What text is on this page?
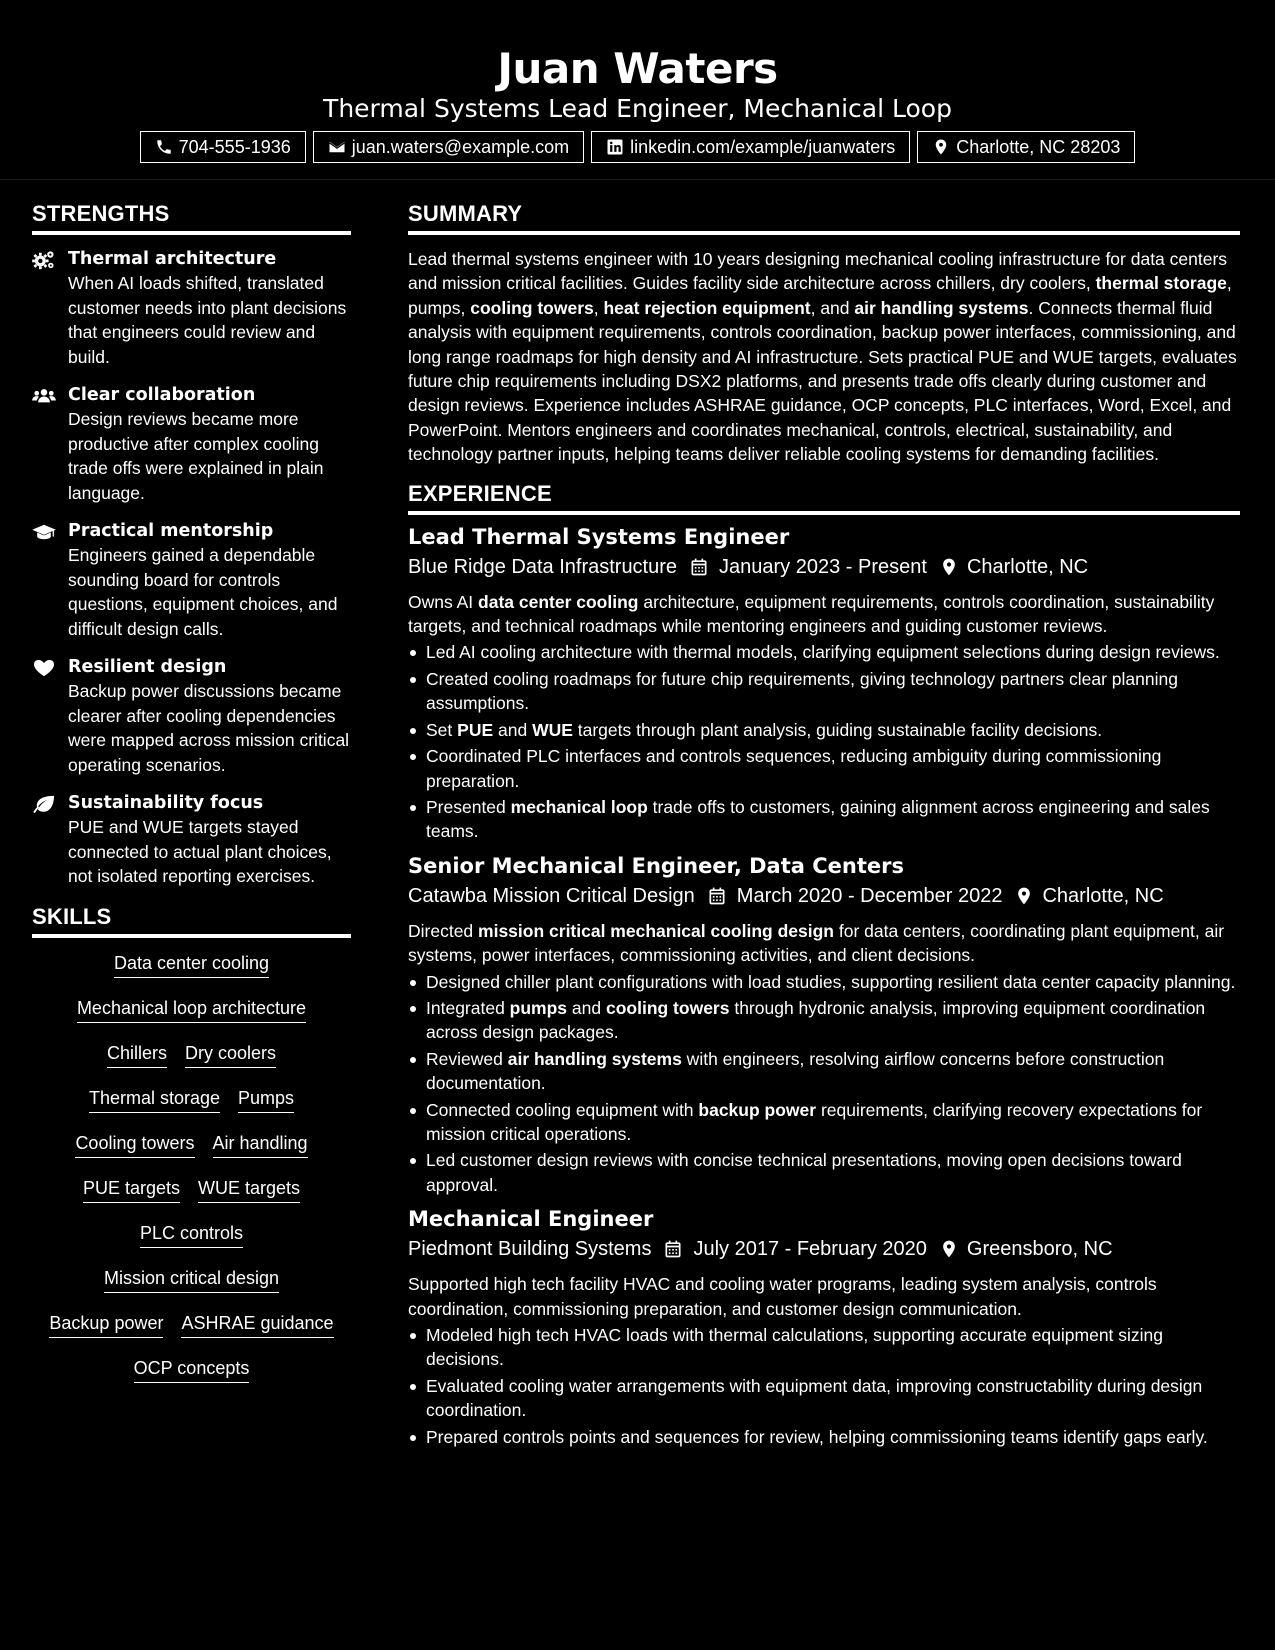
Juan Waters
Thermal Systems Lead Engineer, Mechanical Loop
704-555-1936	juan.waters@example.com	linkedin.com/example/juanwaters	Charlotte, NC 28203
STRENGTHS
Thermal architecture
When AI loads shifted, translated customer needs into plant decisions that engineers could review and build.
Clear collaboration
Design reviews became more productive after complex cooling trade offs were explained in plain language.
Practical mentorship
Engineers gained a dependable sounding board for controls questions, equipment choices, and difficult design calls.
Resilient design
Backup power discussions became clearer after cooling dependencies were mapped across mission critical operating scenarios.
Sustainability focus
PUE and WUE targets stayed connected to actual plant choices, not isolated reporting exercises.
SKILLS
Data center cooling
Mechanical loop architecture
Chillers Dry coolers
Thermal storage Pumps
Cooling towers Air handling
PUE targets WUE targets
PLC controls
Mission critical design
Backup power ASHRAE guidance
OCP concepts
SUMMARY

Lead thermal systems engineer with 10 years designing mechanical cooling infrastructure for data centers and mission critical facilities. Guides facility side architecture across chillers, dry coolers, thermal storage, pumps, cooling towers, heat rejection equipment, and air handling systems. Connects thermal fluid analysis with equipment requirements, controls coordination, backup power interfaces, commissioning, and long range roadmaps for high density and AI infrastructure. Sets practical PUE and WUE targets, evaluates future chip requirements including DSX2 platforms, and presents trade offs clearly during customer and design reviews. Experience includes ASHRAE guidance, OCP concepts, PLC interfaces, Word, Excel, and PowerPoint. Mentors engineers and coordinates mechanical, controls, electrical, sustainability, and technology partner inputs, helping teams deliver reliable cooling systems for demanding facilities.

EXPERIENCE
Lead Thermal Systems Engineer
Blue Ridge Data Infrastructure January 2023 - Present Charlotte, NC

Owns AI data center cooling architecture, equipment requirements, controls coordination, sustainability targets, and technical roadmaps while mentoring engineers and guiding customer reviews.

Led AI cooling architecture with thermal models, clarifying equipment selections during design reviews.
Created cooling roadmaps for future chip requirements, giving technology partners clear planning assumptions.
Set PUE and WUE targets through plant analysis, guiding sustainable facility decisions.
Coordinated PLC interfaces and controls sequences, reducing ambiguity during commissioning preparation.
Presented mechanical loop trade offs to customers, gaining alignment across engineering and sales teams.
Senior Mechanical Engineer, Data Centers
Catawba Mission Critical Design March 2020 - December 2022 Charlotte, NC

Directed mission critical mechanical cooling design for data centers, coordinating plant equipment, air systems, power interfaces, commissioning activities, and client decisions.

Designed chiller plant configurations with load studies, supporting resilient data center capacity planning.
Integrated pumps and cooling towers through hydronic analysis, improving equipment coordination across design packages.
Reviewed air handling systems with engineers, resolving airflow concerns before construction documentation.
Connected cooling equipment with backup power requirements, clarifying recovery expectations for mission critical operations.
Led customer design reviews with concise technical presentations, moving open decisions toward approval.
Mechanical Engineer
Piedmont Building Systems July 2017 - February 2020 Greensboro, NC

Supported high tech facility HVAC and cooling water programs, leading system analysis, controls coordination, commissioning preparation, and customer design communication.

Modeled high tech HVAC loads with thermal calculations, supporting accurate equipment sizing decisions.
Evaluated cooling water arrangements with equipment data, improving constructability during design coordination.
Prepared controls points and sequences for review, helping commissioning teams identify gaps early.
